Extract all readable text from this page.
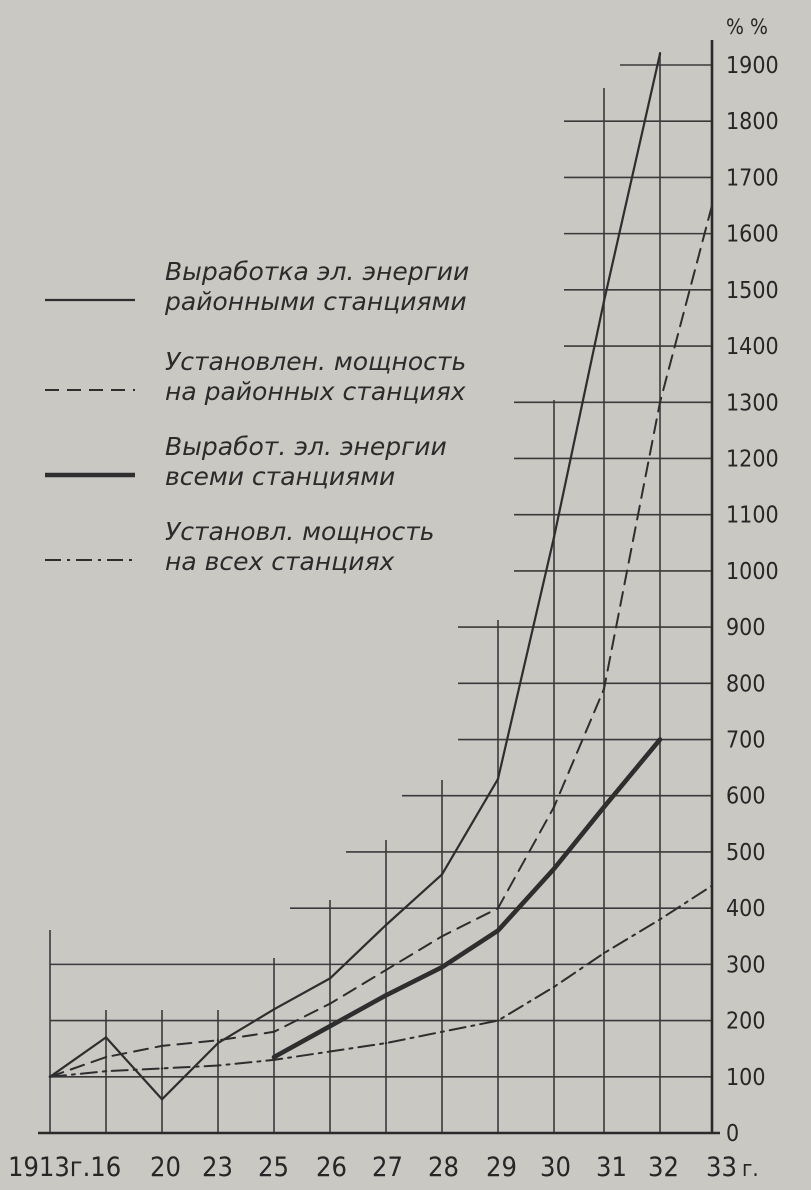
Выработка эл. энергии
районными станциями
Установлен. мощность
на районных станциях
Выработ. эл. энергии
всеми станциями
Установл. мощность
на всех станциях
0
100
200
300
400
500
600
700
800
900
1000
1100
1200
1300
1400
1500
1600
1700
1800
1900
% %
1913г.16 20 23 25 26 27 28 29 30 31 32 33 г.
